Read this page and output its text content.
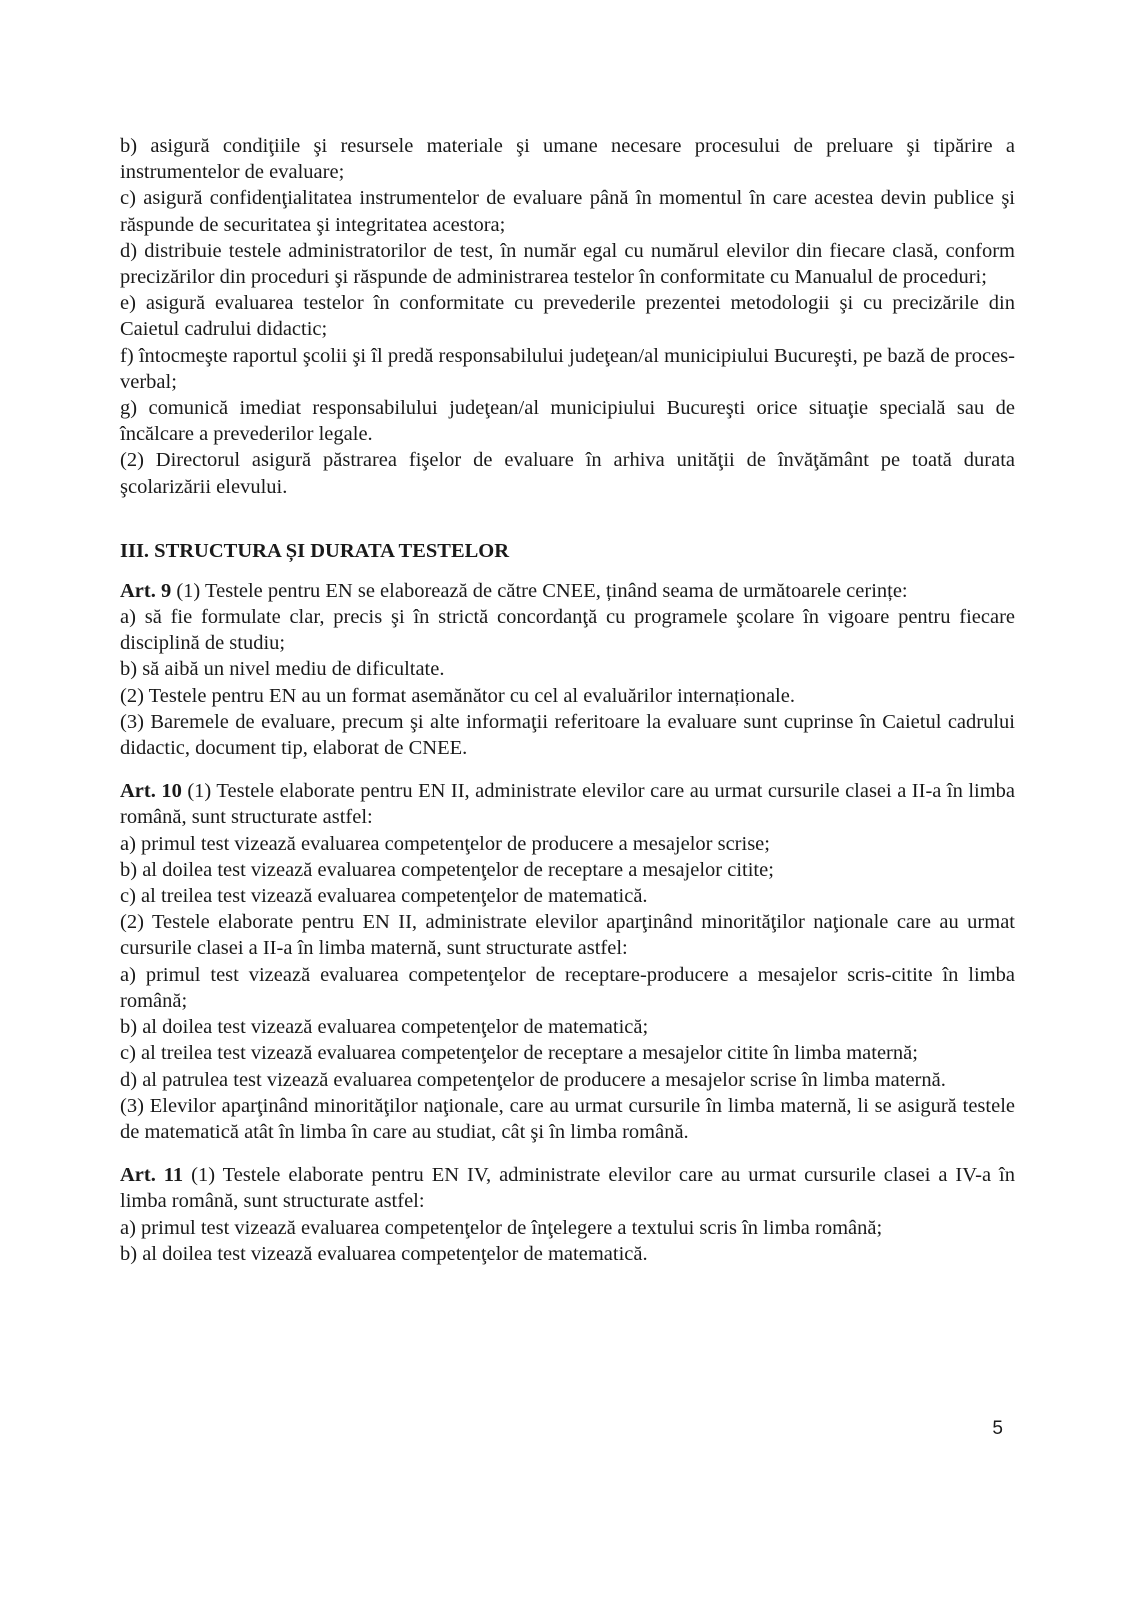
b) asigură condiţiile şi resursele materiale şi umane necesare procesului de preluare şi tipărire a instrumentelor de evaluare;

c) asigură confidenţialitatea instrumentelor de evaluare până în momentul în care acestea devin publice şi răspunde de securitatea şi integritatea acestora;

d) distribuie testele administratorilor de test, în număr egal cu numărul elevilor din fiecare clasă, conform precizărilor din proceduri şi răspunde de administrarea testelor în conformitate cu Manualul de proceduri;

e) asigură evaluarea testelor în conformitate cu prevederile prezentei metodologii şi cu precizările din Caietul cadrului didactic;

f) întocmeşte raportul şcolii şi îl predă responsabilului judeţean/al municipiului Bucureşti, pe bază de proces-verbal;

g) comunică imediat responsabilului judeţean/al municipiului Bucureşti orice situaţie specială sau de încălcare a prevederilor legale.

(2) Directorul asigură păstrarea fişelor de evaluare în arhiva unităţii de învăţământ pe toată durata şcolarizării elevului.

III. STRUCTURA ȘI DURATA TESTELOR

Art. 9 (1) Testele pentru EN se elaborează de către CNEE, ținând seama de următoarele cerințe:

a) să fie formulate clar, precis şi în strictă concordanţă cu programele şcolare în vigoare pentru fiecare disciplină de studiu;

b) să aibă un nivel mediu de dificultate.

(2) Testele pentru EN au un format asemănător cu cel al evaluărilor internaționale.

(3) Baremele de evaluare, precum şi alte informaţii referitoare la evaluare sunt cuprinse în Caietul cadrului didactic, document tip, elaborat de CNEE.

Art. 10 (1) Testele elaborate pentru EN II, administrate elevilor care au urmat cursurile clasei a II-a în limba română, sunt structurate astfel:

a) primul test vizează evaluarea competenţelor de producere a mesajelor scrise;

b) al doilea test vizează evaluarea competenţelor de receptare a mesajelor citite;

c) al treilea test vizează evaluarea competenţelor de matematică.

(2) Testele elaborate pentru EN II, administrate elevilor aparţinând minorităţilor naţionale care au urmat cursurile clasei a II-a în limba maternă, sunt structurate astfel:

a) primul test vizează evaluarea competenţelor de receptare-producere a mesajelor scris-citite în limba română;

b) al doilea test vizează evaluarea competenţelor de matematică;

c) al treilea test vizează evaluarea competenţelor de receptare a mesajelor citite în limba maternă;

d) al patrulea test vizează evaluarea competenţelor de producere a mesajelor scrise în limba maternă.

(3) Elevilor aparţinând minorităţilor naţionale, care au urmat cursurile în limba maternă, li se asigură testele de matematică atât în limba în care au studiat, cât şi în limba română.

Art. 11 (1) Testele elaborate pentru EN IV, administrate elevilor care au urmat cursurile clasei a IV-a în limba română, sunt structurate astfel:

a) primul test vizează evaluarea competenţelor de înţelegere a textului scris în limba română;

b) al doilea test vizează evaluarea competenţelor de matematică.

5
